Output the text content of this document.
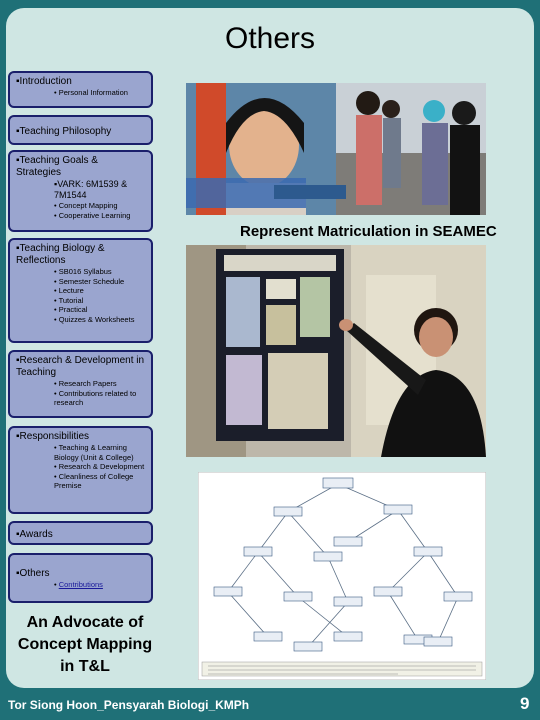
Others
▪Introduction
• Personal Information
▪Teaching Philosophy
▪Teaching Goals & Strategies
▪VARK: 6M1539 & 7M1544
• Concept Mapping
• Cooperative Learning
▪Teaching Biology & Reflections
• SB016 Syllabus
• Semester Schedule
• Lecture
• Tutorial
• Practical
• Quizzes & Worksheets
▪Research & Development in Teaching
• Research Papers
• Contributions related to research
▪Responsibilities
• Teaching & Learning Biology (Unit & College)
• Research & Development
• Cleanliness of College Premise
▪Awards
▪Others
• Contributions
Represent Matriculation in SEAMEC
An Advocate of Concept Mapping in T&L
Tor Siong Hoon_Pensyarah Biologi_KMPh	9
